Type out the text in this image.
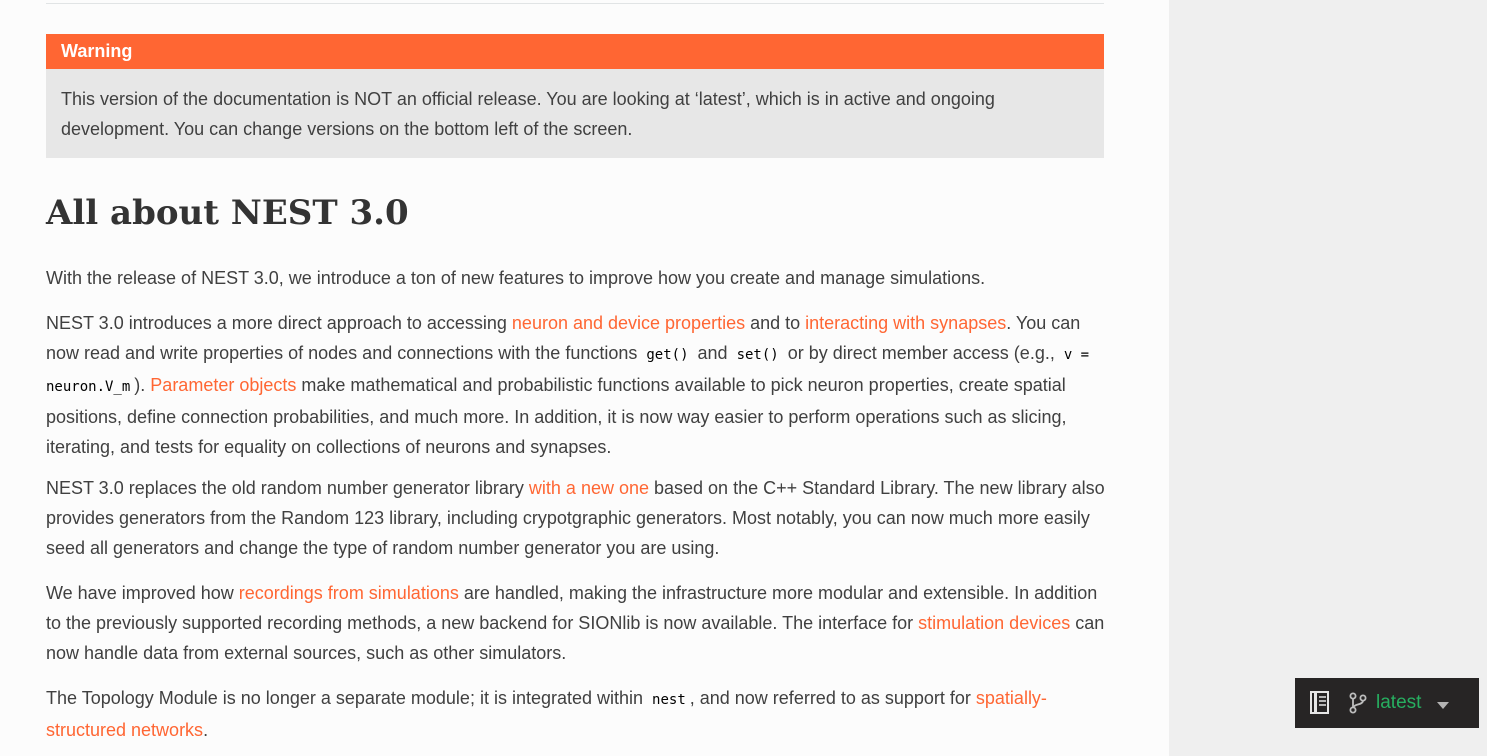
Warning
This version of the documentation is NOT an official release. You are looking at ‘latest’, which is in active and ongoing development. You can change versions on the bottom left of the screen.
All about NEST 3.0

With the release of NEST 3.0, we introduce a ton of new features to improve how you create and manage simulations.

NEST 3.0 introduces a more direct approach to accessing neuron and device properties and to interacting with synapses. You can now read and write properties of nodes and connections with the functions get() and set() or by direct member access (e.g., v = neuron.V_m ). Parameter objects make mathematical and probabilistic functions available to pick neuron properties, create spatial positions, define connection probabilities, and much more. In addition, it is now way easier to perform operations such as slicing, iterating, and tests for equality on collections of neurons and synapses.

NEST 3.0 replaces the old random number generator library with a new one based on the C++ Standard Library. The new library also provides generators from the Random 123 library, including crypotgraphic generators. Most notably, you can now much more easily seed all generators and change the type of random number generator you are using.

We have improved how recordings from simulations are handled, making the infrastructure more modular and extensible. In addition to the previously supported recording methods, a new backend for SIONlib is now available. The interface for stimulation devices can now handle data from external sources, such as other simulators.

The Topology Module is no longer a separate module; it is integrated within nest , and now referred to as support for spatially-structured networks.

latest
